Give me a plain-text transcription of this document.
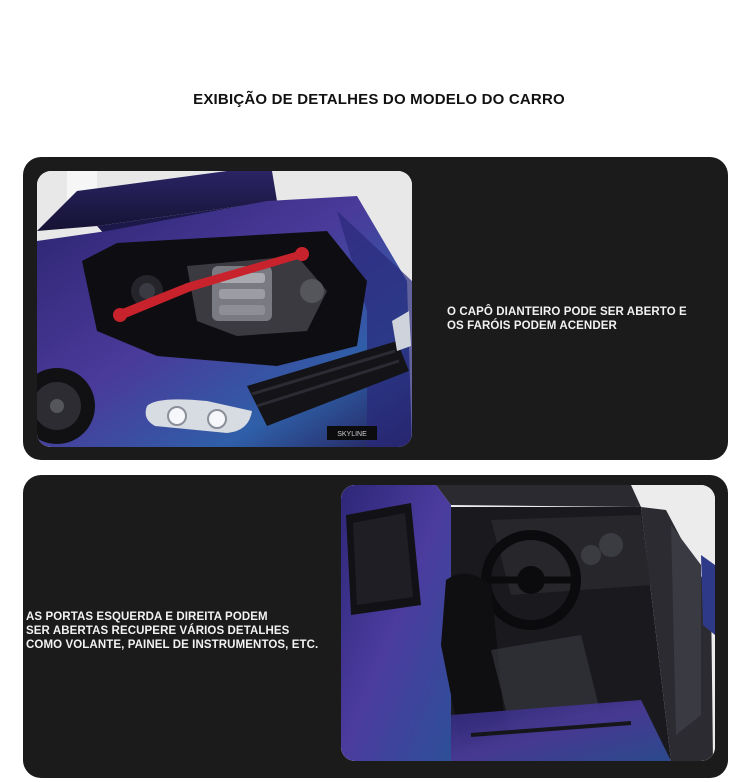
EXIBIÇÃO DE DETALHES DO MODELO DO CARRO
SKYLINE
O CAPÔ DIANTEIRO PODE SER ABERTO E
OS FARÓIS PODEM ACENDER
AS PORTAS ESQUERDA E DIREITA PODEM
SER ABERTAS RECUPERE VÁRIOS DETALHES
COMO VOLANTE, PAINEL DE INSTRUMENTOS, ETC.
